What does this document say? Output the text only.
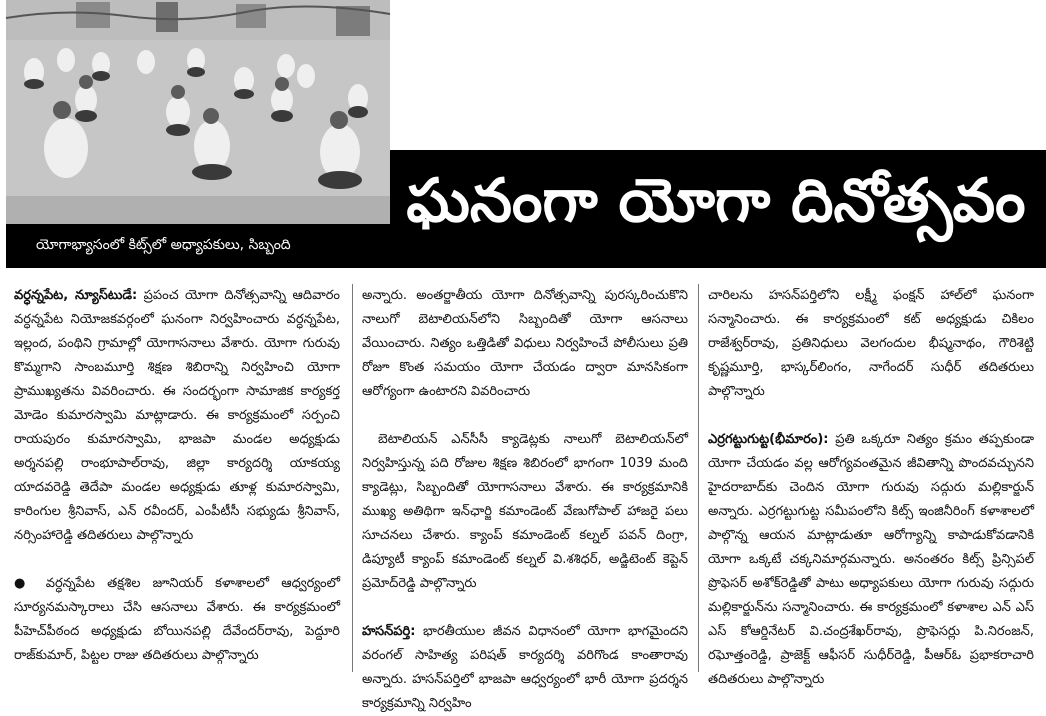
యోగాభ్యాసంలో కిట్స్‌లో అధ్యాపకులు, సిబ్బంది
ఘనంగా యోగా దినోత్సవం

వర్ధన్నపేట, న్యూస్‌టుడే: ప్రపంచ యోగా దినోత్సవాన్ని ఆదివారం వర్ధన్నపేట నియోజకవర్గంలో ఘనంగా నిర్వహించారు వర్ధన్నపేట, ఇల్లంద, పంథిని గ్రామాల్లో యోగాసనాలు వేశారు. యోగా గురువు కొమ్మగాని సాంబమూర్తి శిక్షణ శిబిరాన్ని నిర్వహించి యోగా ప్రాముఖ్యతను వివరించారు. ఈ సందర్భంగా సామాజిక కార్యకర్త మోడెం కుమారస్వామి మాట్లాడారు. ఈ కార్యక్రమంలో సర్పంచి రాయపురం కుమారస్వామి, భాజపా మండల అధ్యక్షుడు అర్శనపల్లి రాంభూపాల్‌రావు, జిల్లా కార్యదర్శి యాకయ్య యాదవరెడ్డి తెదేపా మండల అధ్యక్షుడు తూళ్ల కుమారస్వామి, కారింగుల శ్రీనివాస్, ఎన్ రవీందర్, ఎంపీటీసీ సభ్యుడు శ్రీనివాస్, నర్సింహారెడ్డి తదితరులు పాల్గొన్నారు

● వర్ధన్నపేట తక్షశిల జూనియర్ కళాశాలలో ఆధ్వర్యంలో సూర్యనమస్కారాలు చేసి ఆసనాలు వేశారు. ఈ కార్యక్రమంలో పీహెచ్‌పీఠంద అధ్యక్షుడు బోయినపల్లి దేవేందర్‌రావు, పెద్దూరి రాజ్‌కుమార్, పిట్టల రాజు తదితరులు పాల్గొన్నారు

అన్నారు. అంతర్జాతీయ యోగా దినోత్సవాన్ని పురస్కరించుకొని నాలుగో బెటాలియన్‌లోని సిబ్బందితో యోగా ఆసనాలు వేయించారు. నిత్యం ఒత్తిడితో విధులు నిర్వహించే పోలీసులు ప్రతి రోజూ కొంత సమయం యోగా చేయడం ద్వారా మానసికంగా ఆరోగ్యంగా ఉంటారని వివరించారు

బెటాలియన్ ఎన్‌సీసీ క్యాడెట్లకు నాలుగో బెటాలియన్‌లో నిర్వహిస్తున్న పది రోజుల శిక్షణ శిబిరంలో భాగంగా 1039 మంది క్యాడెట్లు, సిబ్బందితో యోగాసనాలు వేశారు. ఈ కార్యక్రమానికి ముఖ్య అతిథిగా ఇన్‌ఛార్జి కమాండెంట్ వేణుగోపాల్ హాజరై పలు సూచనలు చేశారు. క్యాంప్ కమాండెంట్ కల్నల్ పవన్ దింగ్రా, డిప్యూటీ క్యాంప్ కమాండెంట్ కల్నల్ వి.శశిధర్, అడ్జిటెంట్ కెప్టెన్ ప్రమోద్‌రెడ్డి పాల్గొన్నారు

హసన్‌పర్తి: భారతీయుల జీవన విధానంలో యోగా భాగమైందని వరంగల్ సాహిత్య పరిషత్ కార్యదర్శి వరిగొండ కాంతారావు అన్నారు. హసన్‌పర్తిలో భాజపా ఆధ్వర్యంలో భారీ యోగా ప్రదర్శన కార్యక్రమాన్ని నిర్వహిం

చారిలను హసన్‌పర్తిలోని లక్ష్మీ ఫంక్షన్ హాల్‌లో ఘనంగా సన్మానించారు. ఈ కార్యక్రమంలో కట్ అధ్యక్షుడు చికిలం రాజేశ్వర్‌రావు, ప్రతినిధులు వెలగందుల భీష్మనాథం, గౌరిశెట్టి కృష్ణమూర్తి, భాస్కర్‌లింగం, నాగేందర్ సుధీర్ తదితరులు పాల్గొన్నారు

ఎర్రగట్టుగుట్ట(భీమారం): ప్రతి ఒక్కరూ నిత్యం క్రమం తప్పకుండా యోగా చేయడం వల్ల ఆరోగ్యవంతమైన జీవితాన్ని పొందవచ్చునని హైదరాబాద్‌కు చెందిన యోగా గురువు సద్గురు మల్లికార్జున్ అన్నారు. ఎర్రగట్టుగుట్ట సమీపంలోని కిట్స్ ఇంజినీరింగ్ కళాశాలలో పాల్గొన్న ఆయన మాట్లాడుతూ ఆరోగ్యాన్ని కాపాడుకోవడానికి యోగా ఒక్కటే చక్కనిమార్గమన్నారు. అనంతరం కిట్స్ ప్రిన్సిపల్ ప్రొఫెసర్ అశోక్‌రెడ్డితో పాటు అధ్యాపకులు యోగా గురువు సద్గురు మల్లికార్జున్‌ను సన్మానించారు. ఈ కార్యక్రమంలో కళాశాల ఎన్ ఎస్ ఎస్ కోఆర్డినేటర్ వి.చంద్రశేఖర్‌రావు, ప్రొఫెసర్లు పి.నిరంజన్, రఘోత్తంరెడ్డి, ప్రాజెక్ట్ ఆఫీసర్ సుధీర్‌రెడ్డి, పీఆర్‌ఓ ప్రభాకరాచారి తదితరులు పాల్గొన్నారు
